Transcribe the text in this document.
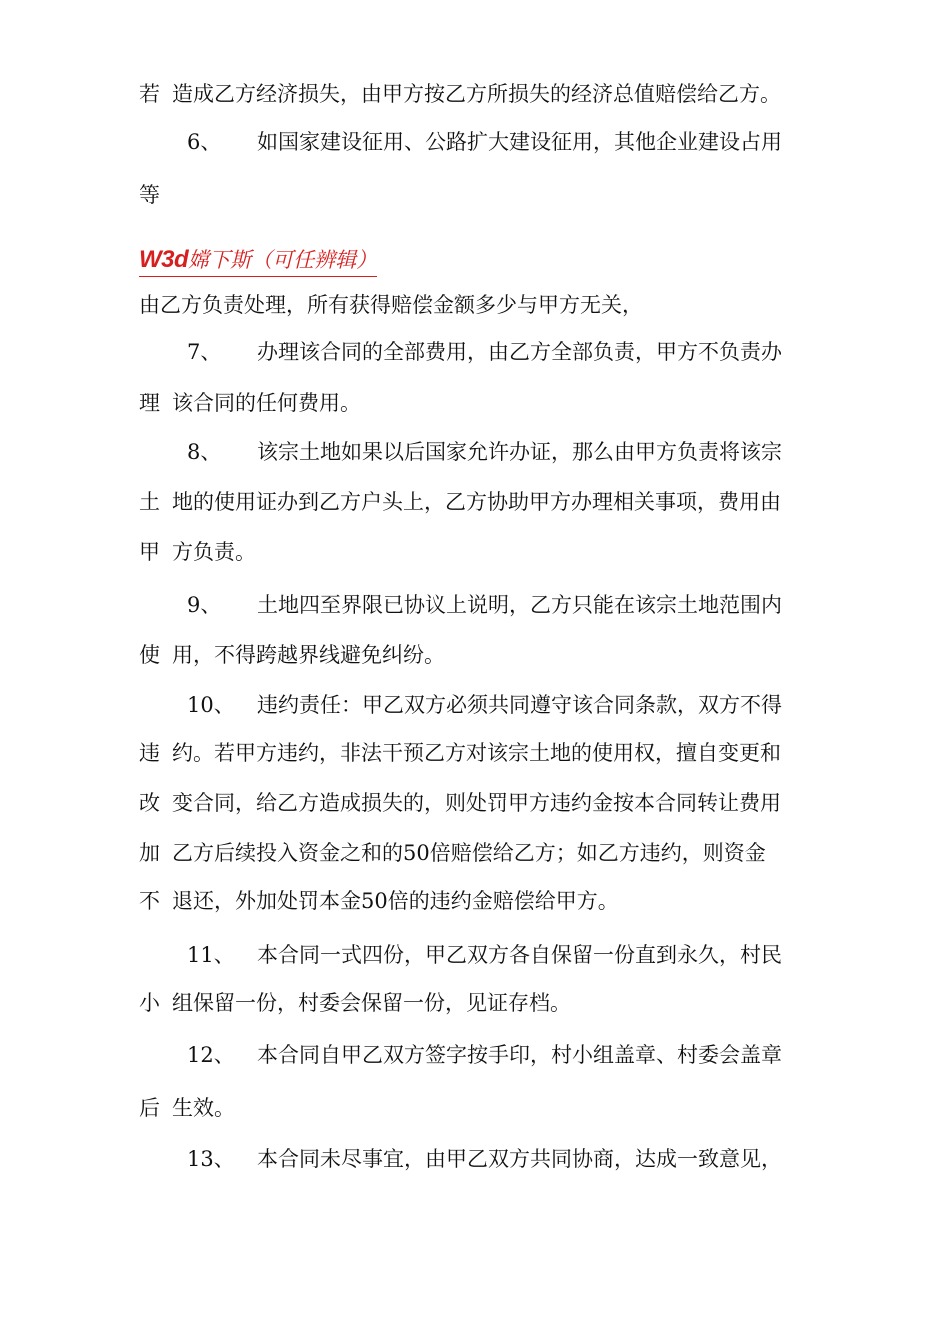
若 造成乙方经济损失，由甲方按乙方所损失的经济总值赔偿给乙方。
6、 如国家建设征用、公路扩大建设征用，其他企业建设占用
等
W3d嫦下斯（可任辨辑）
由乙方负责处理，所有获得赔偿金额多少与甲方无关，
7、 办理该合同的全部费用，由乙方全部负责，甲方不负责办
理 该合同的任何费用。
8、 该宗土地如果以后国家允许办证，那么由甲方负责将该宗
土 地的使用证办到乙方户头上，乙方协助甲方办理相关事项，费用由
甲 方负责。
9、 土地四至界限已协议上说明，乙方只能在该宗土地范围内
使 用，不得跨越界线避免纠纷。
10、 违约责任：甲乙双方必须共同遵守该合同条款，双方不得
违 约。若甲方违约，非法干预乙方对该宗土地的使用权，擅自变更和
改 变合同，给乙方造成损失的，则处罚甲方违约金按本合同转让费用
加 乙方后续投入资金之和的50倍赔偿给乙方；如乙方违约，则资金
不 退还，外加处罚本金50倍的违约金赔偿给甲方。
11、 本合同一式四份，甲乙双方各自保留一份直到永久，村民
小 组保留一份，村委会保留一份，见证存档。
12、 本合同自甲乙双方签字按手印，村小组盖章、村委会盖章
后 生效。
13、 本合同未尽事宜，由甲乙双方共同协商，达成一致意见，
